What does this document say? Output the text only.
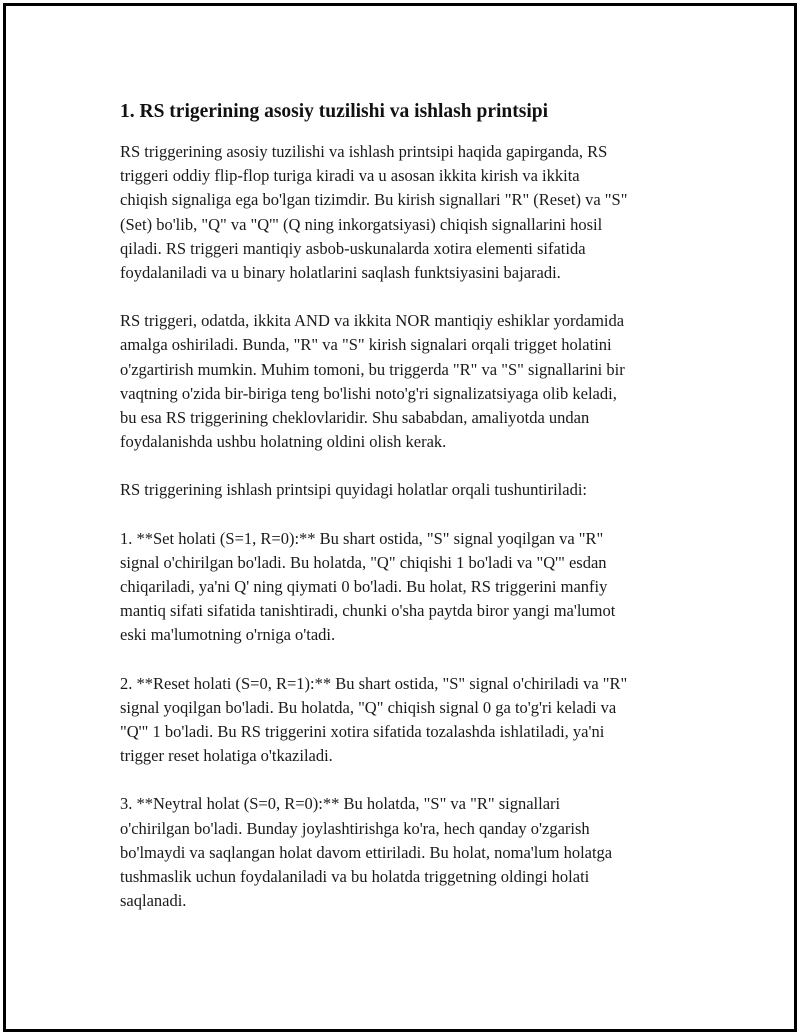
1. RS trigerining asosiy tuzilishi va ishlash printsipi

RS triggerining asosiy tuzilishi va ishlash printsipi haqida gapirganda, RS
triggeri oddiy flip-flop turiga kiradi va u asosan ikkita kirish va ikkita
chiqish signaliga ega bo'lgan tizimdir. Bu kirish signallari "R" (Reset) va "S"
(Set) bo'lib, "Q" va "Q'" (Q ning inkorgatsiyasi) chiqish signallarini hosil
qiladi. RS triggeri mantiqiy asbob-uskunalarda xotira elementi sifatida
foydalaniladi va u binary holatlarini saqlash funktsiyasini bajaradi.

RS triggeri, odatda, ikkita AND va ikkita NOR mantiqiy eshiklar yordamida
amalga oshiriladi. Bunda, "R" va "S" kirish signalari orqali trigget holatini
o'zgartirish mumkin. Muhim tomoni, bu triggerda "R" va "S" signallarini bir
vaqtning o'zida bir-biriga teng bo'lishi noto'g'ri signalizatsiyaga olib keladi,
bu esa RS triggerining cheklovlaridir. Shu sababdan, amaliyotda undan
foydalanishda ushbu holatning oldini olish kerak.

RS triggerining ishlash printsipi quyidagi holatlar orqali tushuntiriladi:

1. **Set holati (S=1, R=0):** Bu shart ostida, "S" signal yoqilgan va "R"
signal o'chirilgan bo'ladi. Bu holatda, "Q" chiqishi 1 bo'ladi va "Q'" esdan
chiqariladi, ya'ni Q' ning qiymati 0 bo'ladi. Bu holat, RS triggerini manfiy
mantiq sifati sifatida tanishtiradi, chunki o'sha paytda biror yangi ma'lumot
eski ma'lumotning o'rniga o'tadi.

2. **Reset holati (S=0, R=1):** Bu shart ostida, "S" signal o'chiriladi va "R"
signal yoqilgan bo'ladi. Bu holatda, "Q" chiqish signal 0 ga to'g'ri keladi va
"Q'" 1 bo'ladi. Bu RS triggerini xotira sifatida tozalashda ishlatiladi, ya'ni
trigger reset holatiga o'tkaziladi.

3. **Neytral holat (S=0, R=0):** Bu holatda, "S" va "R" signallari
o'chirilgan bo'ladi. Bunday joylashtirishga ko'ra, hech qanday o'zgarish
bo'lmaydi va saqlangan holat davom ettiriladi. Bu holat, noma'lum holatga
tushmaslik uchun foydalaniladi va bu holatda triggetning oldingi holati
saqlanadi.
